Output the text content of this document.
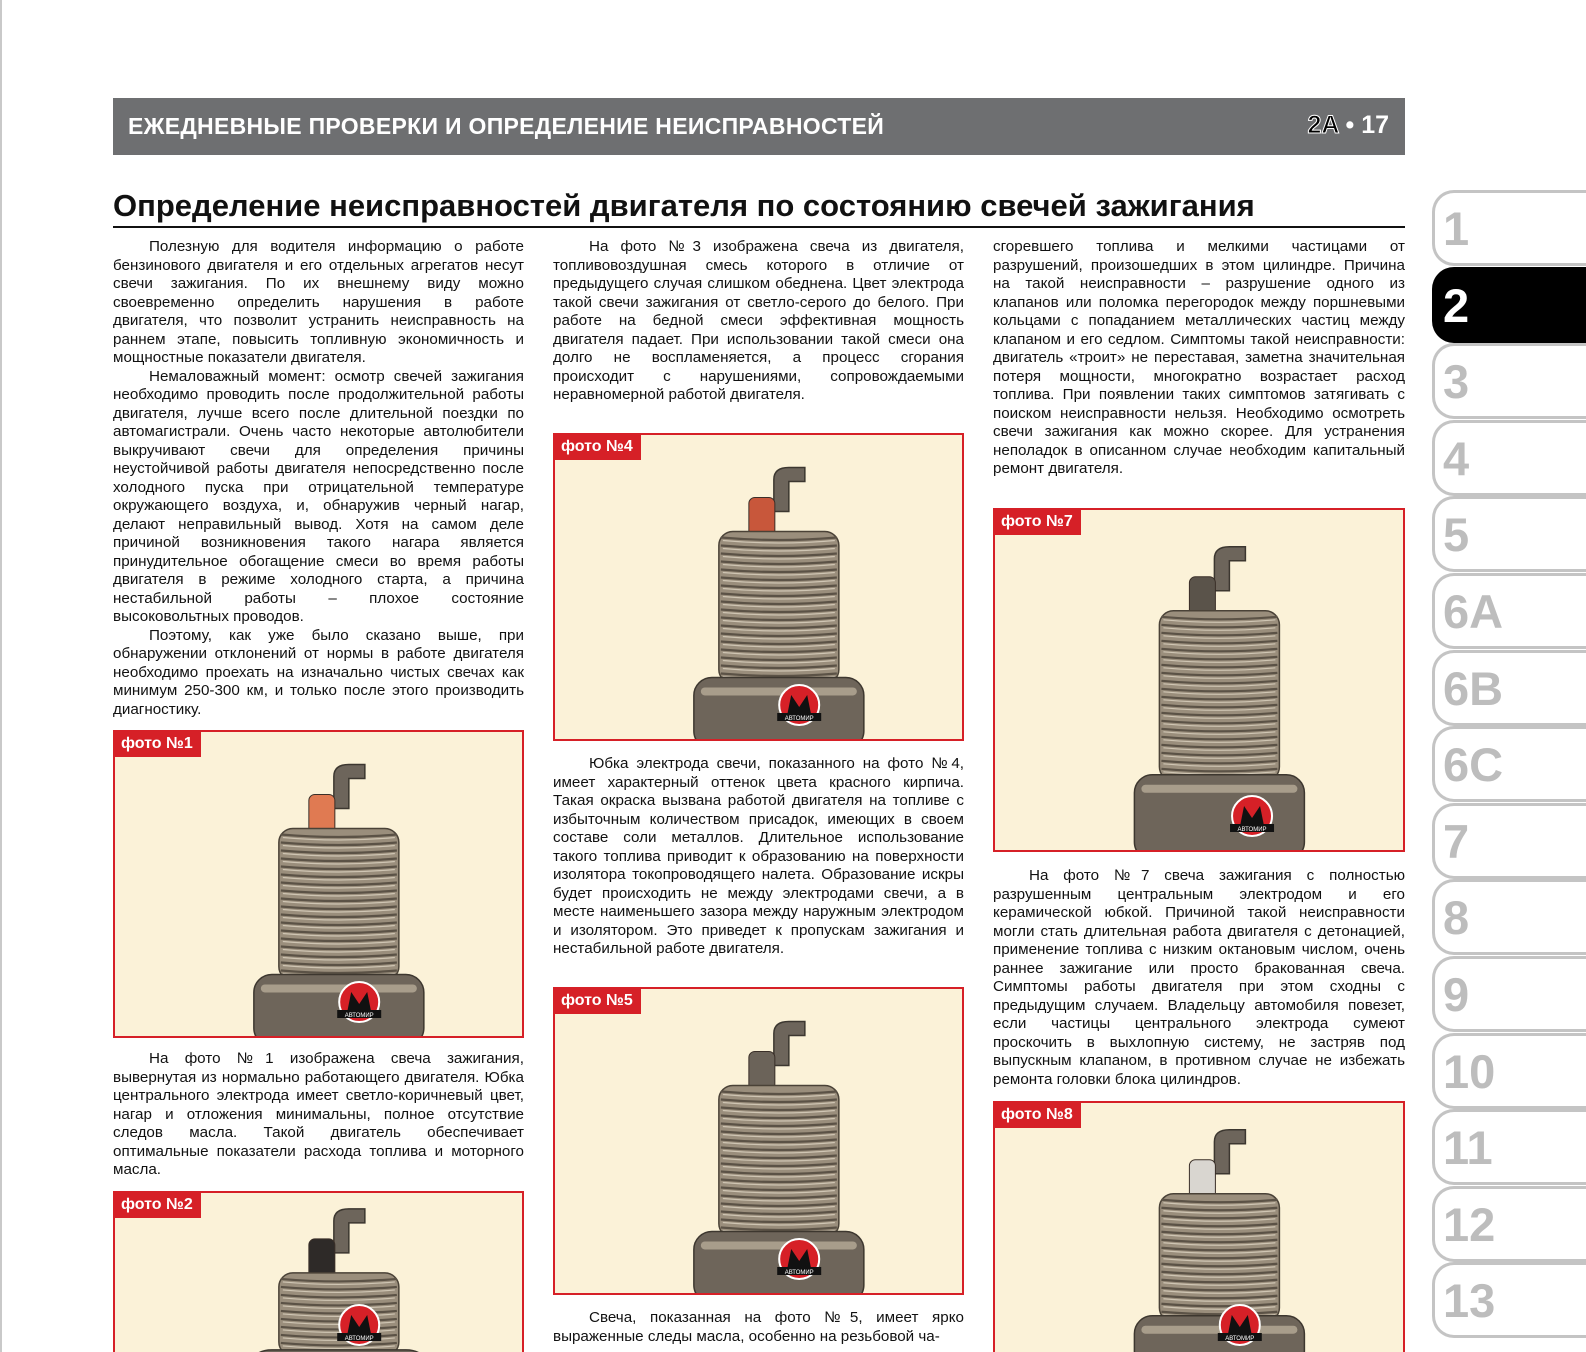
ЕЖЕДНЕВНЫЕ ПРОВЕРКИ И ОПРЕДЕЛЕНИЕ НЕИСПРАВНОСТЕЙ	2A • 17
Определение неисправностей двигателя по состоянию свечей зажигания

Полезную для водителя информацию о работе бензинового двигателя и его отдельных агрегатов несут свечи зажигания. По их внешнему виду можно своевременно определить нарушения в работе двигателя, что позволит устранить неисправность на раннем этапе, повысить топливную экономичность и мощностные показатели двигателя.

Немаловажный момент: осмотр свечей зажигания необходимо проводить после продолжительной работы двигателя, лучше всего после длительной поездки по автомагистрали. Очень часто некоторые автолюбители выкручивают свечи для определения причины неустойчивой работы двигателя непосредственно после холодного пуска при отрицательной температуре окружающего воздуха, и, обнаружив черный нагар, делают неправильный вывод. Хотя на самом деле причиной возникновения такого нагара является принудительное обогащение смеси во время работы двигателя в режиме холодного старта, а причина нестабильной работы – плохое состояние высоковольтных проводов.

Поэтому, как уже было сказано выше, при обнаружении отклонений от нормы в работе двигателя необходимо проехать на изначально чистых свечах как минимум 250-300 км, и только после этого производить диагностику.

фото №1
АВТОМИР

На фото №1 изображена свеча зажигания, вывернутая из нормально работающего двигателя. Юбка центрального электрода имеет светло-коричневый цвет, нагар и отложения минимальны, полное отсутствие следов масла. Такой двигатель обеспечивает оптимальные показатели расхода топлива и моторного масла.

фото №2
АВТОМИР

На фото №3 изображена свеча из двигателя, топливовоздушная смесь которого в отличие от предыдущего случая слишком обеднена. Цвет электрода такой свечи зажигания от светло-серого до белого. При работе на бедной смеси эффективная мощность двигателя падает. При использовании такой смеси она долго не воспламеняется, а процесс сгорания происходит с нарушениями, сопровождаемыми неравномерной работой двигателя.

фото №4
АВТОМИР

Юбка электрода свечи, показанного на фото №4, имеет характерный оттенок цвета красного кирпича. Такая окраска вызвана работой двигателя на топливе с избыточным количеством присадок, имеющих в своем составе соли металлов. Длительное использование такого топлива приводит к образованию на поверхности изолятора токопроводящего налета. Образование искры будет происходить не между электродами свечи, а в месте наименьшего зазора между наружным электродом и изолятором. Это приведет к пропускам зажигания и нестабильной работе двигателя.

фото №5
АВТОМИР

Свеча, показанная на фото №5, имеет ярко выраженные следы масла, особенно на резьбовой ча-

сгоревшего топлива и мелкими частицами от разрушений, произошедших в этом цилиндре. Причина на такой неисправности – разрушение одного из клапанов или поломка перегородок между поршневыми кольцами с попаданием металлических частиц между клапаном и его седлом. Симптомы такой неисправности: двигатель «троит» не переставая, заметна значительная потеря мощности, многократно возрастает расход топлива. При появлении таких симптомов затягивать с поиском неисправности нельзя. Необходимо осмотреть свечи зажигания как можно скорее. Для устранения неполадок в описанном случае необходим капитальный ремонт двигателя.

фото №7
АВТОМИР

На фото №7 свеча зажигания с полностью разрушенным центральным электродом и его керамической юбкой. Причиной такой неисправности могли стать длительная работа двигателя с детонацией, применение топлива с низким октановым числом, очень раннее зажигание или просто бракованная свеча. Симптомы работы двигателя при этом сходны с предыдущим случаем. Владельцу автомобиля повезет, если частицы центрального электрода сумеют проскочить в выхлопную систему, не застряв под выпускным клапаном, в противном случае не избежать ремонта головки блока цилиндров.

фото №8
АВТОМИР
1
2
3
4
5
6A
6B
6C
7
8
9
10
11
12
13
